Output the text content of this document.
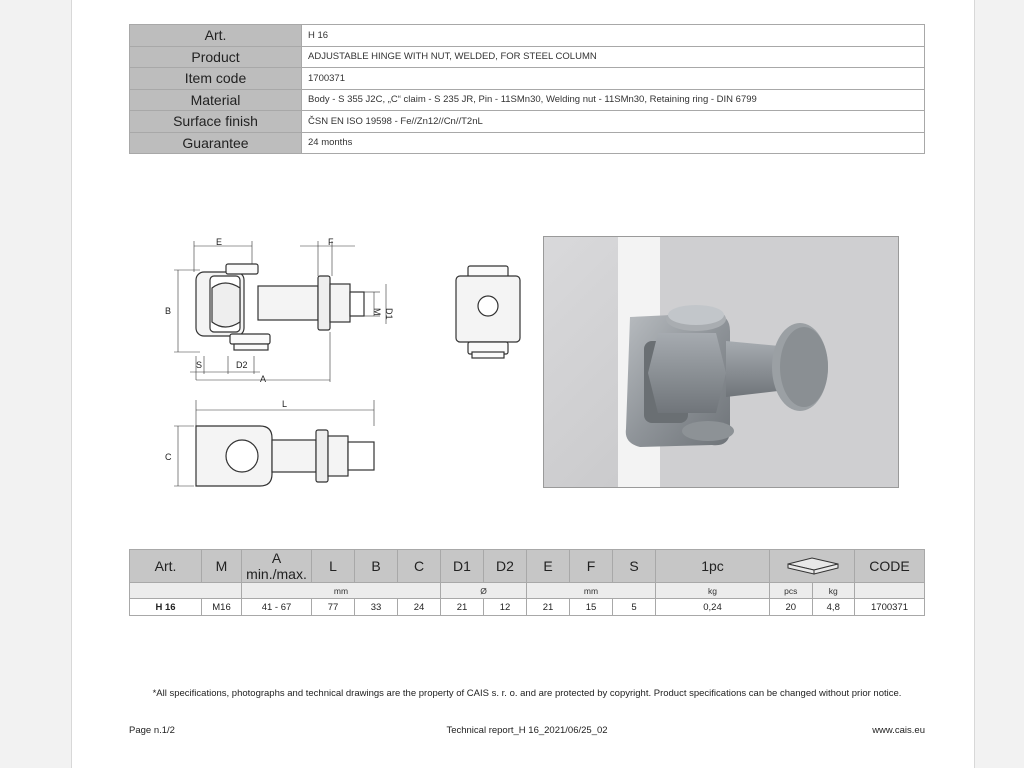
Art.	H 16
Product	ADJUSTABLE HINGE WITH NUT, WELDED, FOR STEEL COLUMN
Item code	1700371
Material	Body - S 355 J2C, „C“ claim - S 235 JR, Pin - 11SMn30, Welding nut - 11SMn30, Retaining ring - DIN 6799
Surface finish	ČSN EN ISO 19598 - Fe//Zn12//Cn//T2nL
Guarantee	24 months
E	F
B	M D1
S	D2
A
L
C
Art.	M	A min./max.	L	B	C	D1	D2	E	F	S	1pc			CODE
		mm				Ø		mm			kg	pcs	kg	
H 16	M16	41 - 67	77	33	24	21	12	21	15	5	0,24	20	4,8	1700371
*All specifications, photographs and technical drawings are the property of CAIS s. r. o. and are protected by copyright. Product specifications can be changed without prior notice.
Page n.1/2	Technical report_H 16_2021/06/25_02	www.cais.eu
